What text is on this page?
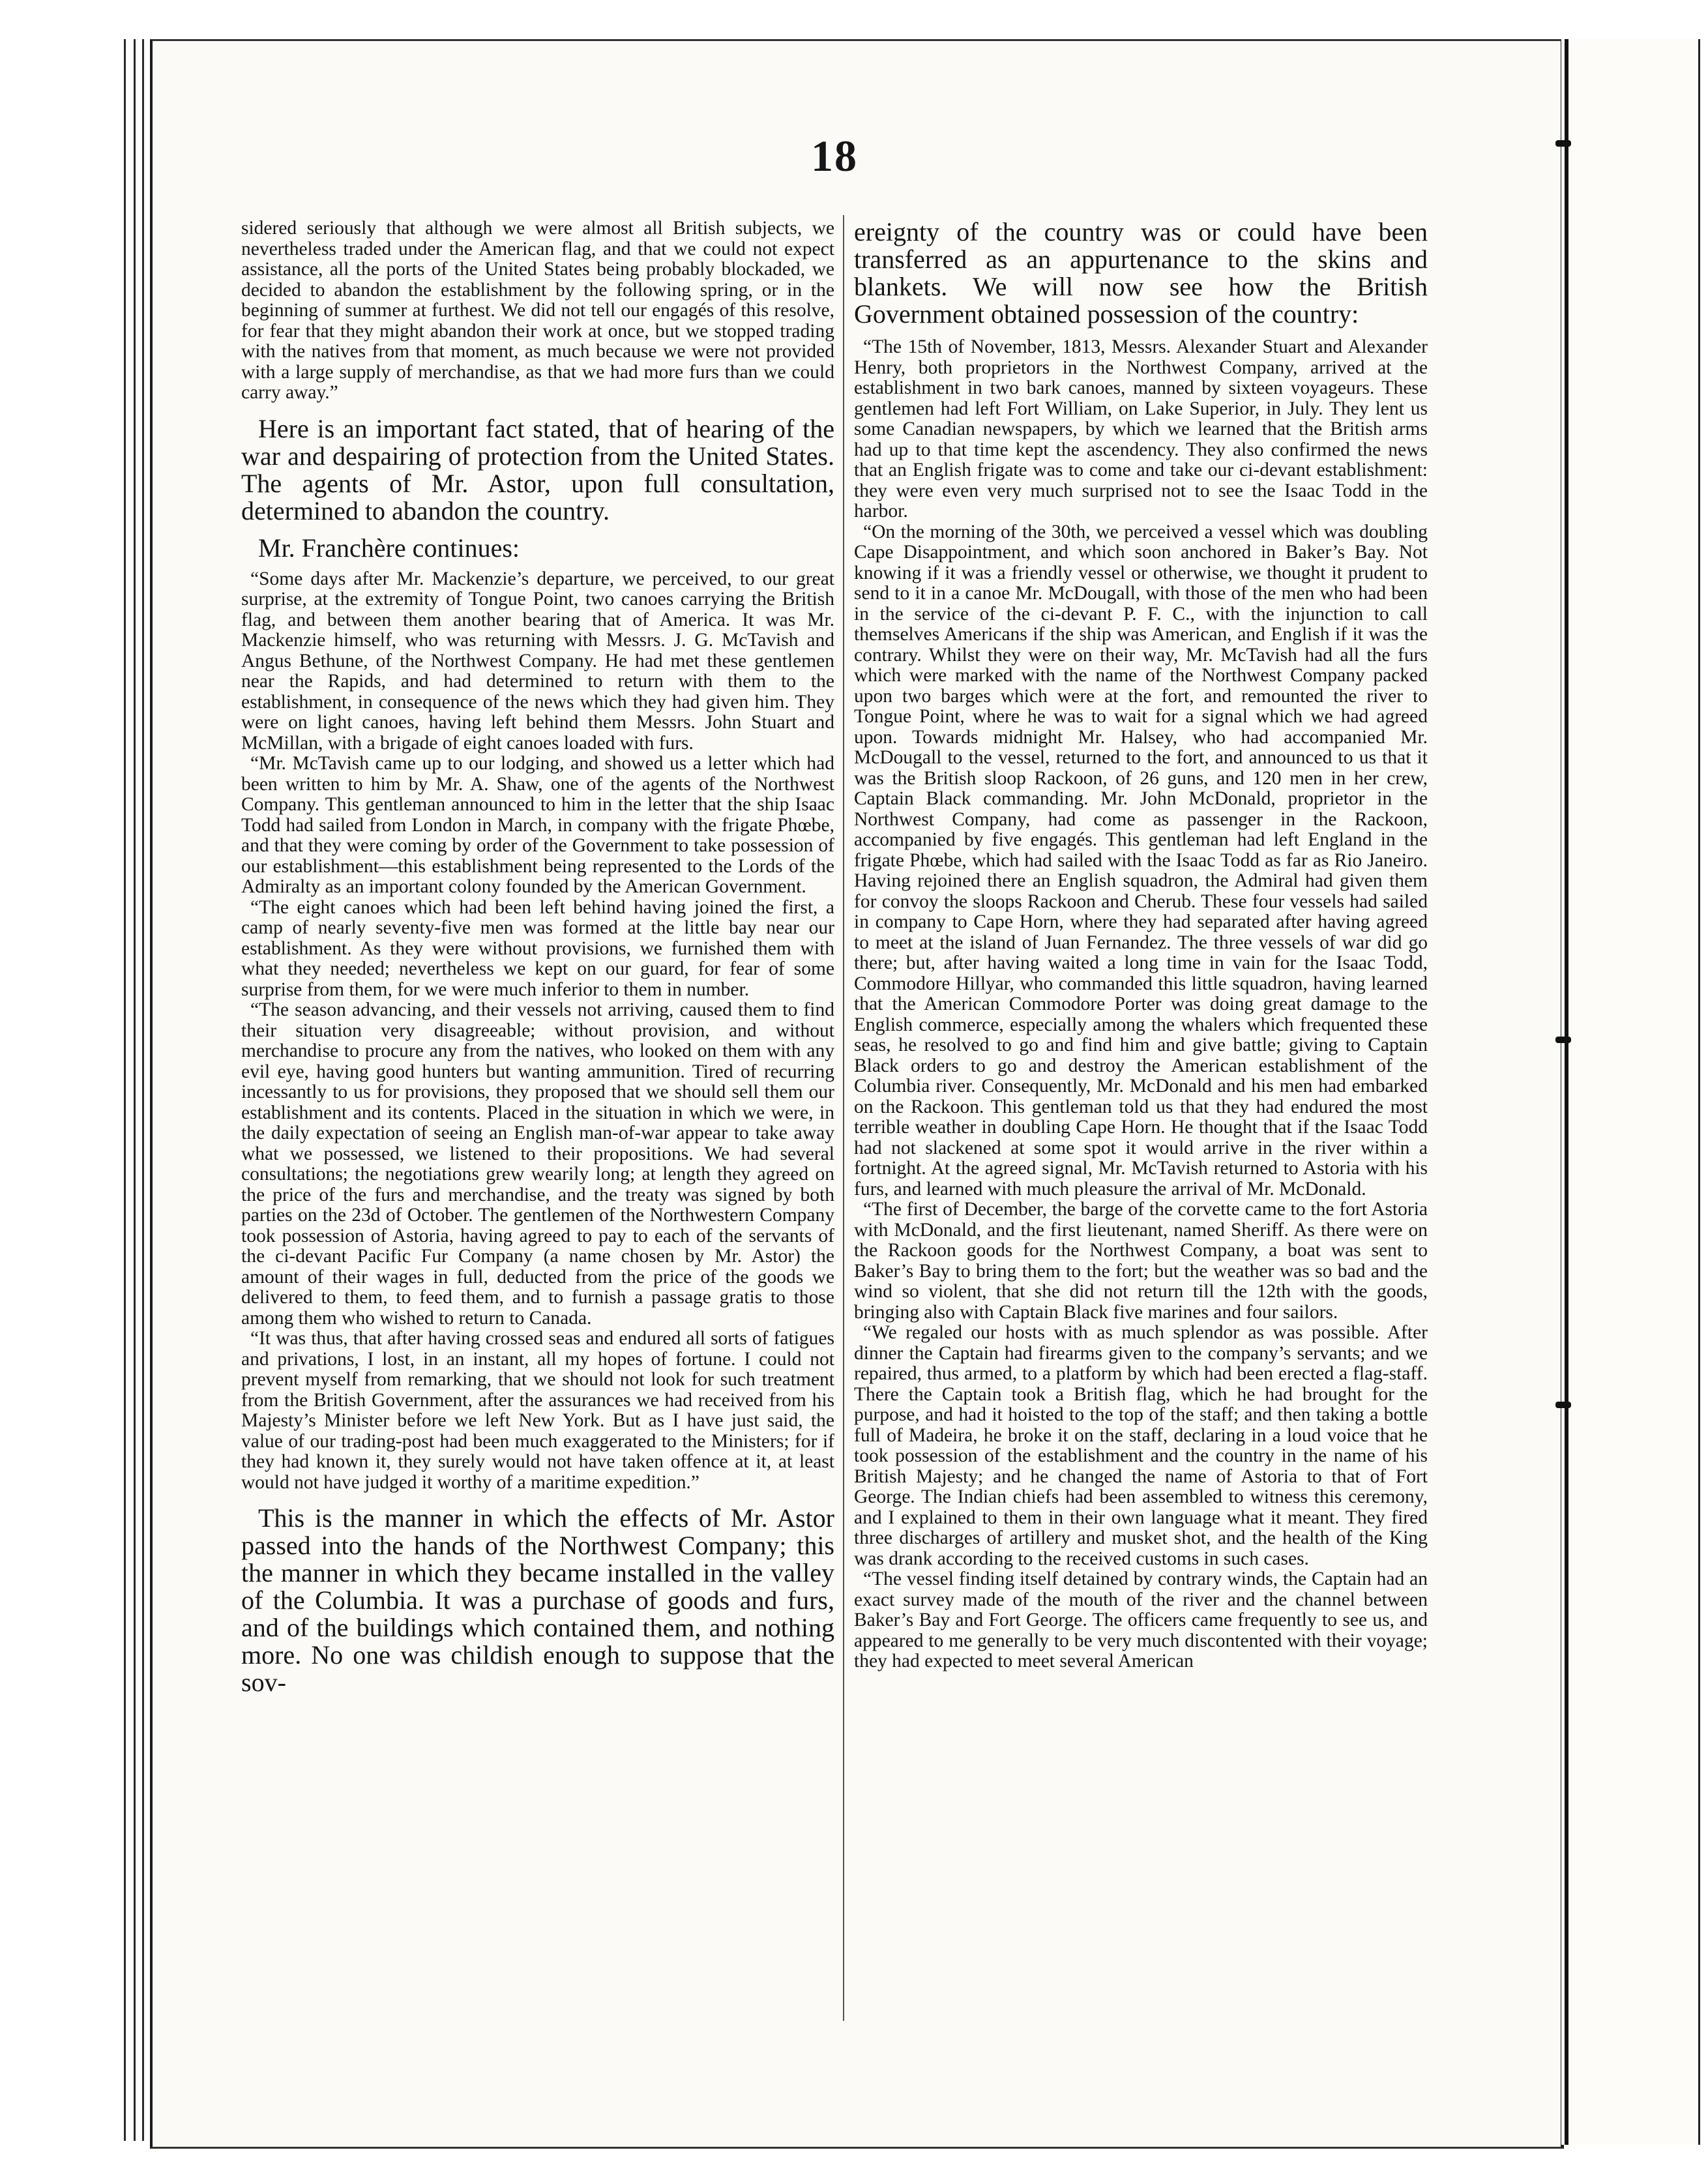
18

sidered seriously that although we were almost all British subjects, we nevertheless traded under the American flag, and that we could not expect assistance, all the ports of the United States being probably blockaded, we decided to abandon the establishment by the following spring, or in the beginning of summer at furthest. We did not tell our engagés of this resolve, for fear that they might abandon their work at once, but we stopped trading with the natives from that moment, as much because we were not provided with a large supply of merchandise, as that we had more furs than we could carry away.”

Here is an important fact stated, that of hearing of the war and despairing of protection from the United States. The agents of Mr. Astor, upon full consultation, determined to abandon the country.

Mr. Franchère continues:

“Some days after Mr. Mackenzie’s departure, we perceived, to our great surprise, at the extremity of Tongue Point, two canoes carrying the British flag, and between them another bearing that of America. It was Mr. Mackenzie himself, who was returning with Messrs. J. G. McTavish and Angus Bethune, of the Northwest Company. He had met these gentlemen near the Rapids, and had determined to return with them to the establishment, in consequence of the news which they had given him. They were on light canoes, having left behind them Messrs. John Stuart and McMillan, with a brigade of eight canoes loaded with furs.

“Mr. McTavish came up to our lodging, and showed us a letter which had been written to him by Mr. A. Shaw, one of the agents of the Northwest Company. This gentleman announced to him in the letter that the ship Isaac Todd had sailed from London in March, in company with the frigate Phœbe, and that they were coming by order of the Government to take possession of our establishment—this establishment being represented to the Lords of the Admiralty as an important colony founded by the American Government.

“The eight canoes which had been left behind having joined the first, a camp of nearly seventy-five men was formed at the little bay near our establishment. As they were without provisions, we furnished them with what they needed; nevertheless we kept on our guard, for fear of some surprise from them, for we were much inferior to them in number.

“The season advancing, and their vessels not arriving, caused them to find their situation very disagreeable; without provision, and without merchandise to procure any from the natives, who looked on them with any evil eye, having good hunters but wanting ammunition. Tired of recurring incessantly to us for provisions, they proposed that we should sell them our establishment and its contents. Placed in the situation in which we were, in the daily expectation of seeing an English man-of-war appear to take away what we possessed, we listened to their propositions. We had several consultations; the negotiations grew wearily long; at length they agreed on the price of the furs and merchandise, and the treaty was signed by both parties on the 23d of October. The gentlemen of the Northwestern Company took possession of Astoria, having agreed to pay to each of the servants of the ci-devant Pacific Fur Company (a name chosen by Mr. Astor) the amount of their wages in full, deducted from the price of the goods we delivered to them, to feed them, and to furnish a passage gratis to those among them who wished to return to Canada.

“It was thus, that after having crossed seas and endured all sorts of fatigues and privations, I lost, in an instant, all my hopes of fortune. I could not prevent myself from remarking, that we should not look for such treatment from the British Government, after the assurances we had received from his Majesty’s Minister before we left New York. But as I have just said, the value of our trading-post had been much exaggerated to the Ministers; for if they had known it, they surely would not have taken offence at it, at least would not have judged it worthy of a maritime expedition.”

This is the manner in which the effects of Mr. Astor passed into the hands of the Northwest Company; this the manner in which they became installed in the valley of the Columbia. It was a purchase of goods and furs, and of the buildings which contained them, and nothing more. No one was childish enough to suppose that the sov-

ereignty of the country was or could have been transferred as an appurtenance to the skins and blankets. We will now see how the British Government obtained possession of the country:

“The 15th of November, 1813, Messrs. Alexander Stuart and Alexander Henry, both proprietors in the Northwest Company, arrived at the establishment in two bark canoes, manned by sixteen voyageurs. These gentlemen had left Fort William, on Lake Superior, in July. They lent us some Canadian newspapers, by which we learned that the British arms had up to that time kept the ascendency. They also confirmed the news that an English frigate was to come and take our ci-devant establishment: they were even very much surprised not to see the Isaac Todd in the harbor.

“On the morning of the 30th, we perceived a vessel which was doubling Cape Disappointment, and which soon anchored in Baker’s Bay. Not knowing if it was a friendly vessel or otherwise, we thought it prudent to send to it in a canoe Mr. McDougall, with those of the men who had been in the service of the ci-devant P. F. C., with the injunction to call themselves Americans if the ship was American, and English if it was the contrary. Whilst they were on their way, Mr. McTavish had all the furs which were marked with the name of the Northwest Company packed upon two barges which were at the fort, and remounted the river to Tongue Point, where he was to wait for a signal which we had agreed upon. Towards midnight Mr. Halsey, who had accompanied Mr. McDougall to the vessel, returned to the fort, and announced to us that it was the British sloop Rackoon, of 26 guns, and 120 men in her crew, Captain Black commanding. Mr. John McDonald, proprietor in the Northwest Company, had come as passenger in the Rackoon, accompanied by five engagés. This gentleman had left England in the frigate Phœbe, which had sailed with the Isaac Todd as far as Rio Janeiro. Having rejoined there an English squadron, the Admiral had given them for convoy the sloops Rackoon and Cherub. These four vessels had sailed in company to Cape Horn, where they had separated after having agreed to meet at the island of Juan Fernandez. The three vessels of war did go there; but, after having waited a long time in vain for the Isaac Todd, Commodore Hillyar, who commanded this little squadron, having learned that the American Commodore Porter was doing great damage to the English commerce, especially among the whalers which frequented these seas, he resolved to go and find him and give battle; giving to Captain Black orders to go and destroy the American establishment of the Columbia river. Consequently, Mr. McDonald and his men had embarked on the Rackoon. This gentleman told us that they had endured the most terrible weather in doubling Cape Horn. He thought that if the Isaac Todd had not slackened at some spot it would arrive in the river within a fortnight. At the agreed signal, Mr. McTavish returned to Astoria with his furs, and learned with much pleasure the arrival of Mr. McDonald.

“The first of December, the barge of the corvette came to the fort Astoria with McDonald, and the first lieutenant, named Sheriff. As there were on the Rackoon goods for the Northwest Company, a boat was sent to Baker’s Bay to bring them to the fort; but the weather was so bad and the wind so violent, that she did not return till the 12th with the goods, bringing also with Captain Black five marines and four sailors.

“We regaled our hosts with as much splendor as was possible. After dinner the Captain had firearms given to the company’s servants; and we repaired, thus armed, to a platform by which had been erected a flag-staff. There the Captain took a British flag, which he had brought for the purpose, and had it hoisted to the top of the staff; and then taking a bottle full of Madeira, he broke it on the staff, declaring in a loud voice that he took possession of the establishment and the country in the name of his British Majesty; and he changed the name of Astoria to that of Fort George. The Indian chiefs had been assembled to witness this ceremony, and I explained to them in their own language what it meant. They fired three discharges of artillery and musket shot, and the health of the King was drank according to the received customs in such cases.

“The vessel finding itself detained by contrary winds, the Captain had an exact survey made of the mouth of the river and the channel between Baker’s Bay and Fort George. The officers came frequently to see us, and appeared to me generally to be very much discontented with their voyage; they had expected to meet several American
